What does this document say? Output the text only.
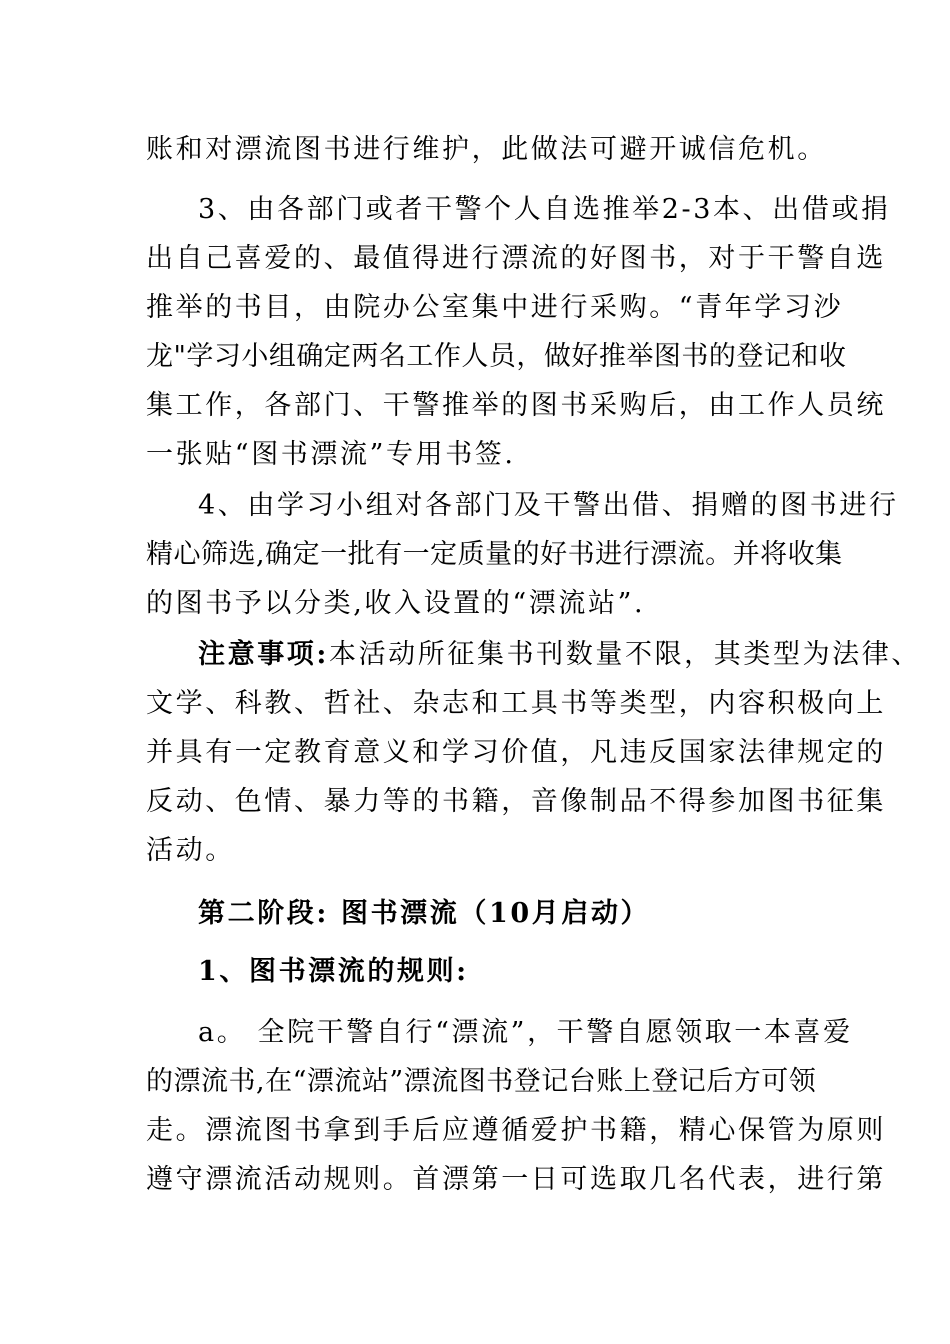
账和对漂流图书进行维护，此做法可避开诚信危机。
3、由各部门或者干警个人自选推举2-3本、出借或捐
出自己喜爱的、最值得进行漂流的好图书，对于干警自选
推举的书目，由院办公室集中进行采购。“青年学习沙
龙"学习小组确定两名工作人员，做好推举图书的登记和收
集工作，各部门、干警推举的图书采购后，由工作人员统
一张贴“图书漂流”专用书签.
4、由学习小组对各部门及干警出借、捐赠的图书进行
精心筛选,确定一批有一定质量的好书进行漂流。并将收集
的图书予以分类,收入设置的“漂流站”.
注意事项:本活动所征集书刊数量不限，其类型为法律、
文学、科教、哲社、杂志和工具书等类型，内容积极向上
并具有一定教育意义和学习价值，凡违反国家法律规定的
反动、色情、暴力等的书籍，音像制品不得参加图书征集
活动。
第二阶段: 图书漂流（10月启动）
1、图书漂流的规则:
a。 全院干警自行“漂流”，干警自愿领取一本喜爱
的漂流书,在“漂流站”漂流图书登记台账上登记后方可领
走。漂流图书拿到手后应遵循爱护书籍，精心保管为原则
遵守漂流活动规则。首漂第一日可选取几名代表，进行第
